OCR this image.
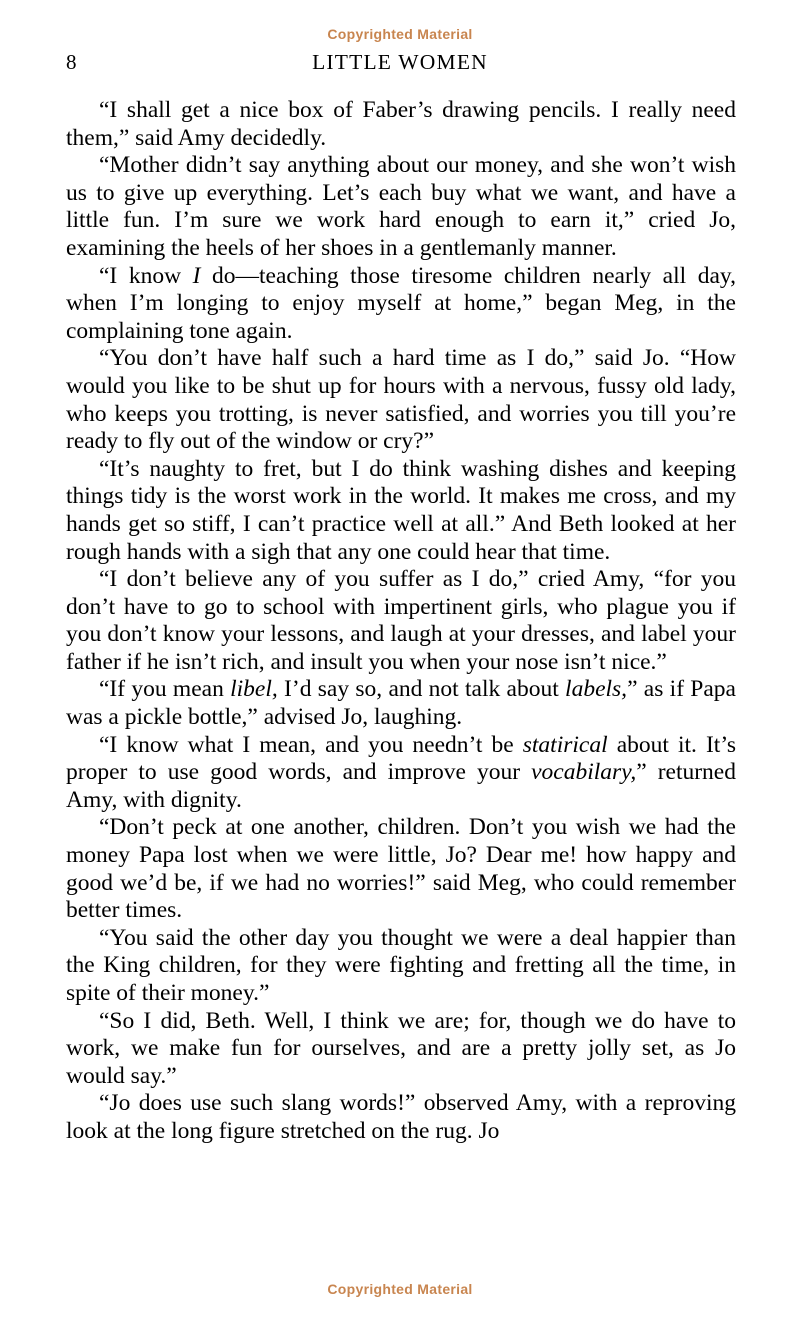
Copyrighted Material
8	LITTLE WOMEN

“I shall get a nice box of Faber’s drawing pencils. I really need them,” said Amy decidedly.

“Mother didn’t say anything about our money, and she won’t wish us to give up everything. Let’s each buy what we want, and have a little fun. I’m sure we work hard enough to earn it,” cried Jo, examining the heels of her shoes in a gentlemanly manner.

“I know I do—teaching those tiresome children nearly all day, when I’m longing to enjoy myself at home,” began Meg, in the complaining tone again.

“You don’t have half such a hard time as I do,” said Jo. “How would you like to be shut up for hours with a nervous, fussy old lady, who keeps you trotting, is never satisfied, and worries you till you’re ready to fly out of the window or cry?”

“It’s naughty to fret, but I do think washing dishes and keeping things tidy is the worst work in the world. It makes me cross, and my hands get so stiff, I can’t practice well at all.” And Beth looked at her rough hands with a sigh that any one could hear that time.

“I don’t believe any of you suffer as I do,” cried Amy, “for you don’t have to go to school with impertinent girls, who plague you if you don’t know your lessons, and laugh at your dresses, and label your father if he isn’t rich, and insult you when your nose isn’t nice.”

“If you mean libel, I’d say so, and not talk about labels,” as if Papa was a pickle bottle,” advised Jo, laughing.

“I know what I mean, and you needn’t be statirical about it. It’s proper to use good words, and improve your vocabilary,” returned Amy, with dignity.

“Don’t peck at one another, children. Don’t you wish we had the money Papa lost when we were little, Jo? Dear me! how happy and good we’d be, if we had no worries!” said Meg, who could remember better times.

“You said the other day you thought we were a deal happier than the King children, for they were fighting and fretting all the time, in spite of their money.”

“So I did, Beth. Well, I think we are; for, though we do have to work, we make fun for ourselves, and are a pretty jolly set, as Jo would say.”

“Jo does use such slang words!” observed Amy, with a reproving look at the long figure stretched on the rug. Jo

Copyrighted Material
